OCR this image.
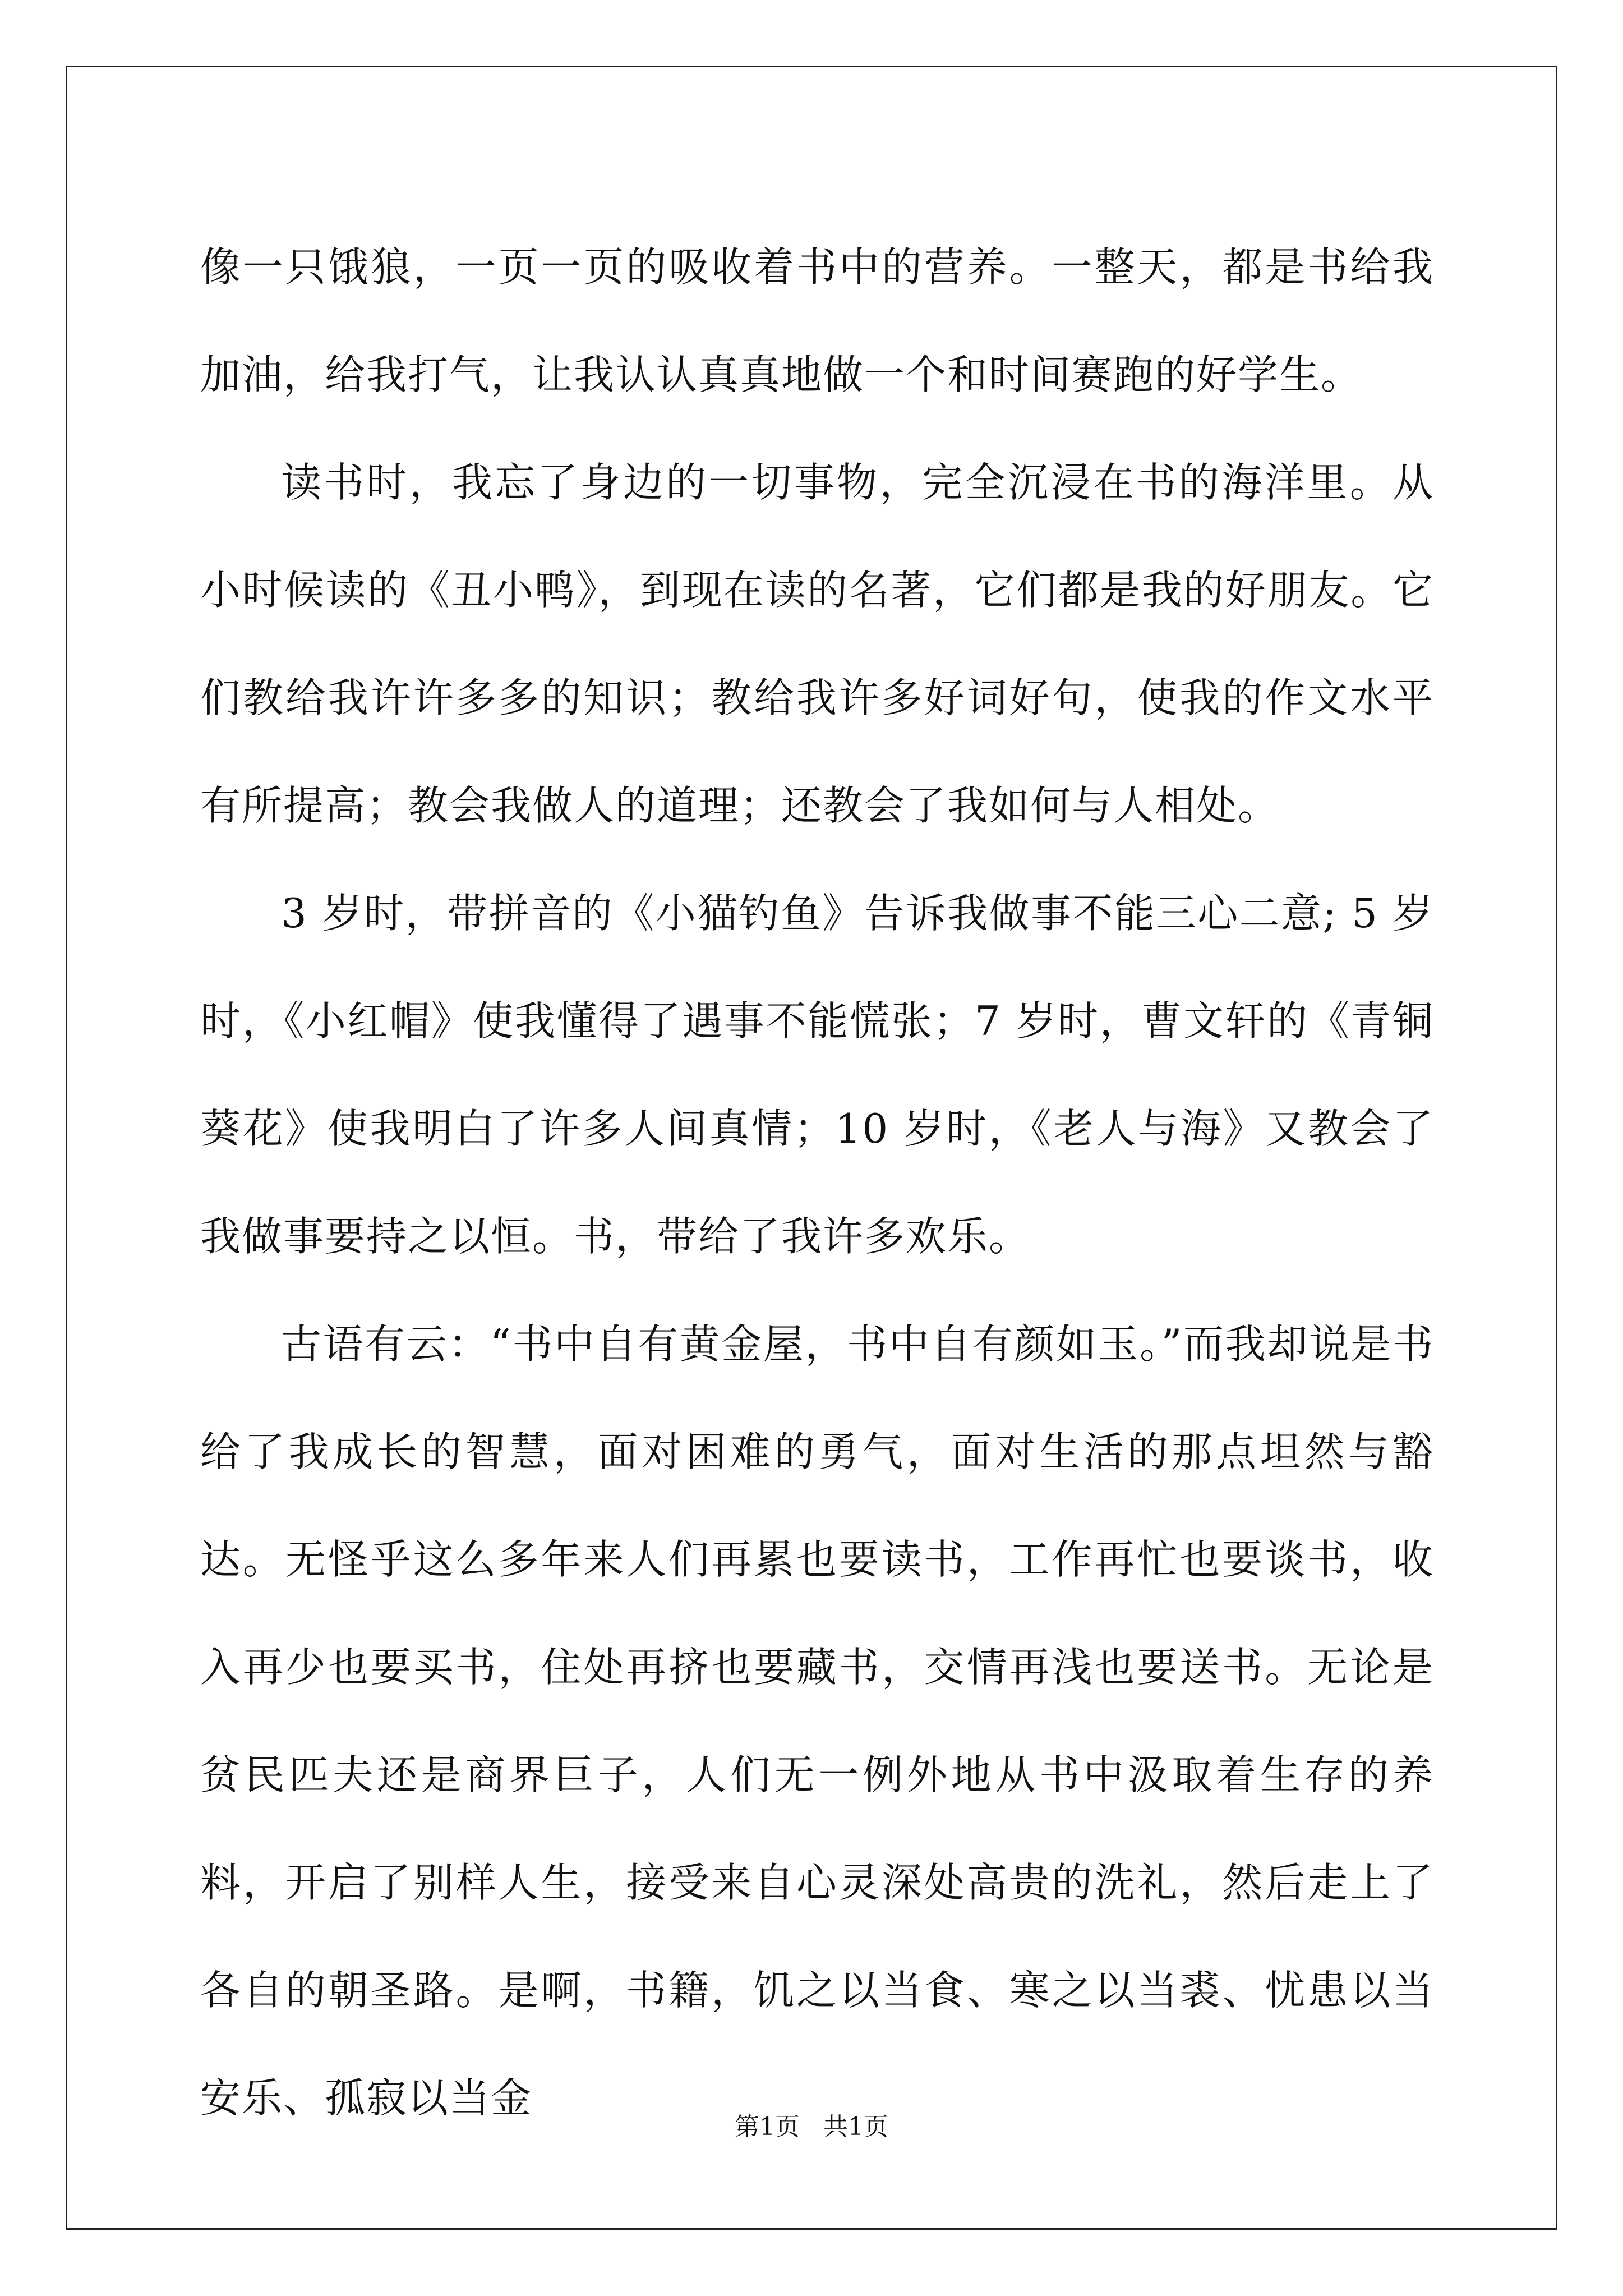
像一只饿狼，一页一页的吸收着书中的营养。一整天，都是书给我加油，给我打气，让我认认真真地做一个和时间赛跑的好学生。

读书时，我忘了身边的一切事物，完全沉浸在书的海洋里。从小时候读的《丑小鸭》，到现在读的名著，它们都是我的好朋友。它们教给我许许多多的知识；教给我许多好词好句，使我的作文水平有所提高；教会我做人的道理；还教会了我如何与人相处。

3 岁时，带拼音的《小猫钓鱼》告诉我做事不能三心二意; 5 岁时，《小红帽》使我懂得了遇事不能慌张；7 岁时，曹文轩的《青铜葵花》使我明白了许多人间真情；10 岁时，《老人与海》又教会了我做事要持之以恒。书，带给了我许多欢乐。

古语有云：“书中自有黄金屋，书中自有颜如玉。”而我却说是书给了我成长的智慧，面对困难的勇气，面对生活的那点坦然与豁达。无怪乎这么多年来人们再累也要读书，工作再忙也要谈书，收入再少也要买书，住处再挤也要藏书，交情再浅也要送书。无论是贫民匹夫还是商界巨子，人们无一例外地从书中汲取着生存的养料，开启了别样人生，接受来自心灵深处高贵的洗礼，然后走上了各自的朝圣路。是啊，书籍，饥之以当食、寒之以当裘、忧患以当安乐、孤寂以当金

第1页   共1页
